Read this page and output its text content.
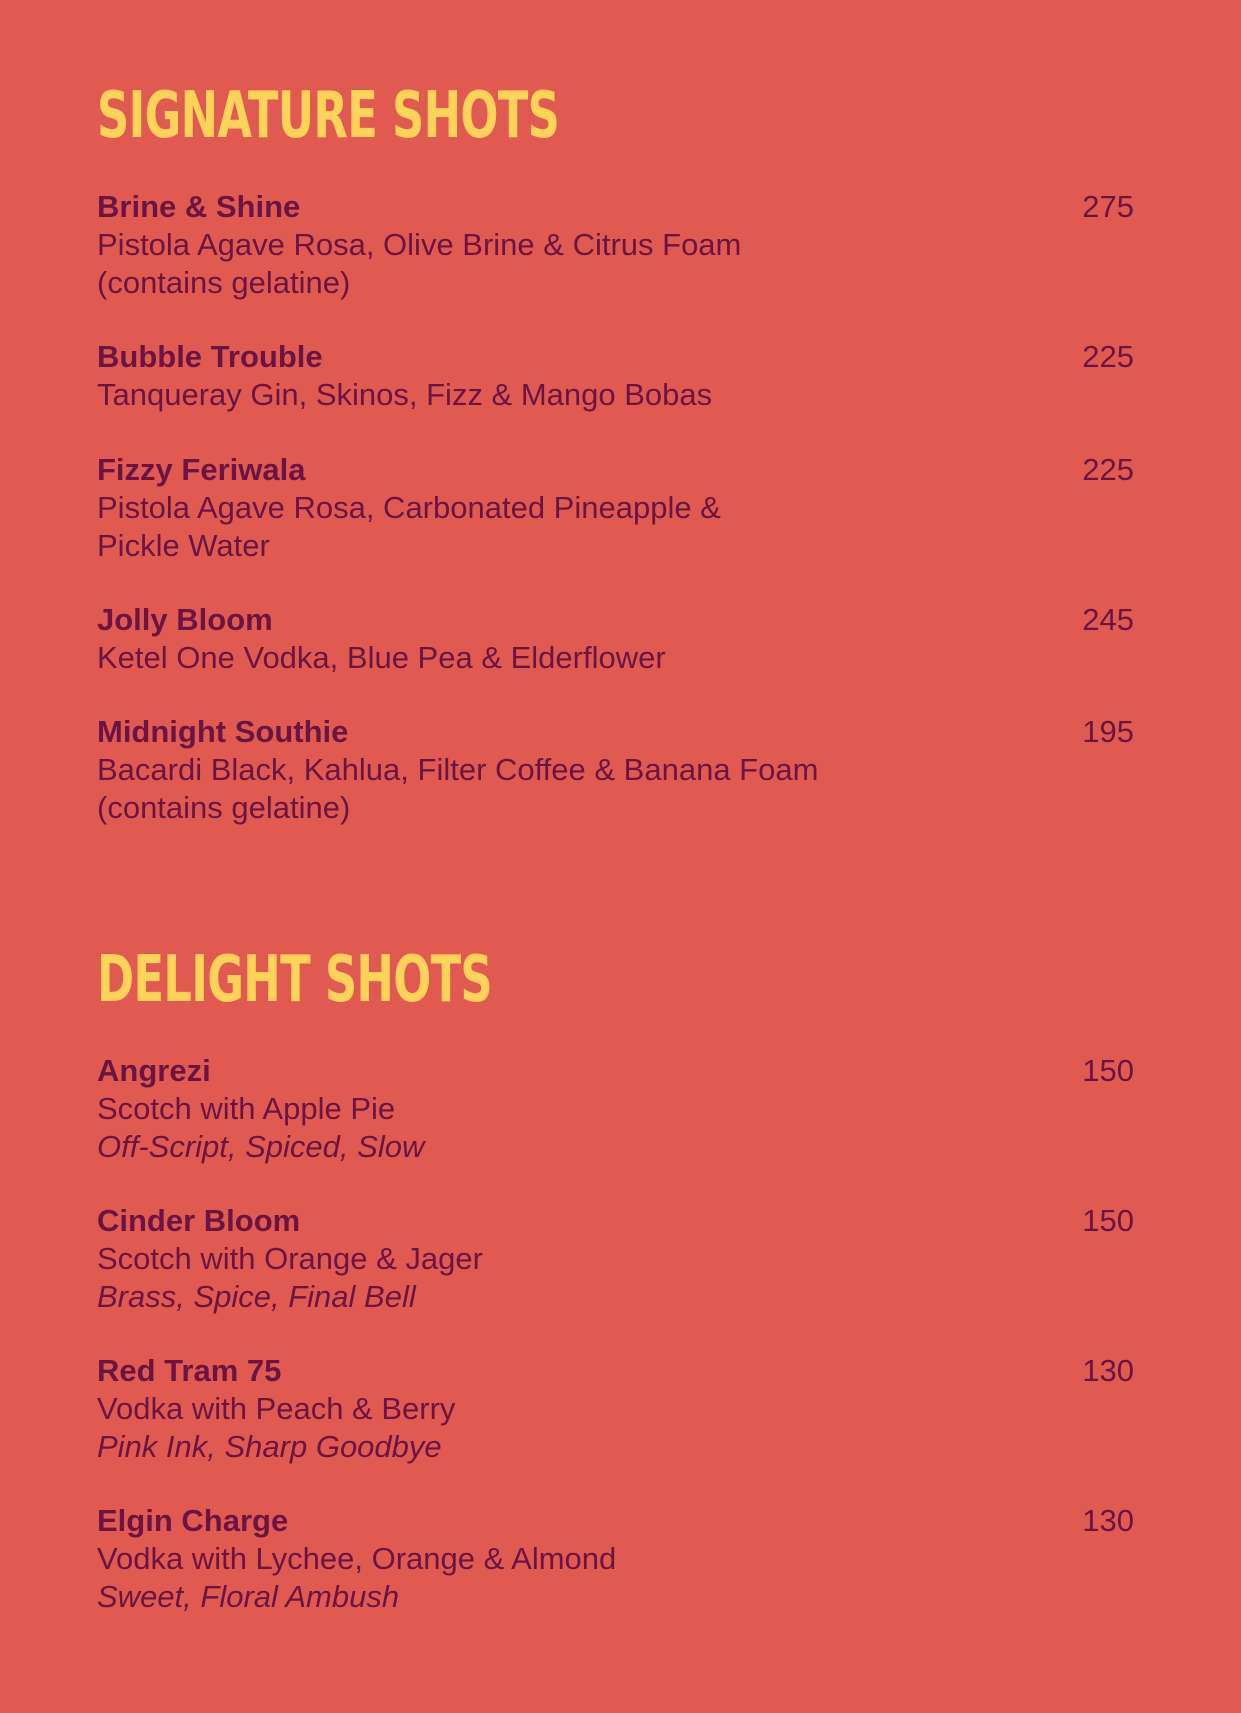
SIGNATURE SHOTS
Brine & Shine	275
Pistola Agave Rosa, Olive Brine & Citrus Foam
(contains gelatine)
Bubble Trouble	225
Tanqueray Gin, Skinos, Fizz & Mango Bobas
Fizzy Feriwala	225
Pistola Agave Rosa, Carbonated Pineapple &
Pickle Water
Jolly Bloom	245
Ketel One Vodka, Blue Pea & Elderflower
Midnight Southie	195
Bacardi Black, Kahlua, Filter Coffee & Banana Foam
(contains gelatine)
DELIGHT SHOTS
Angrezi	150
Scotch with Apple Pie
Off-Script, Spiced, Slow
Cinder Bloom	150
Scotch with Orange & Jager
Brass, Spice, Final Bell
Red Tram 75	130
Vodka with Peach & Berry
Pink Ink, Sharp Goodbye
Elgin Charge	130
Vodka with Lychee, Orange & Almond
Sweet, Floral Ambush
